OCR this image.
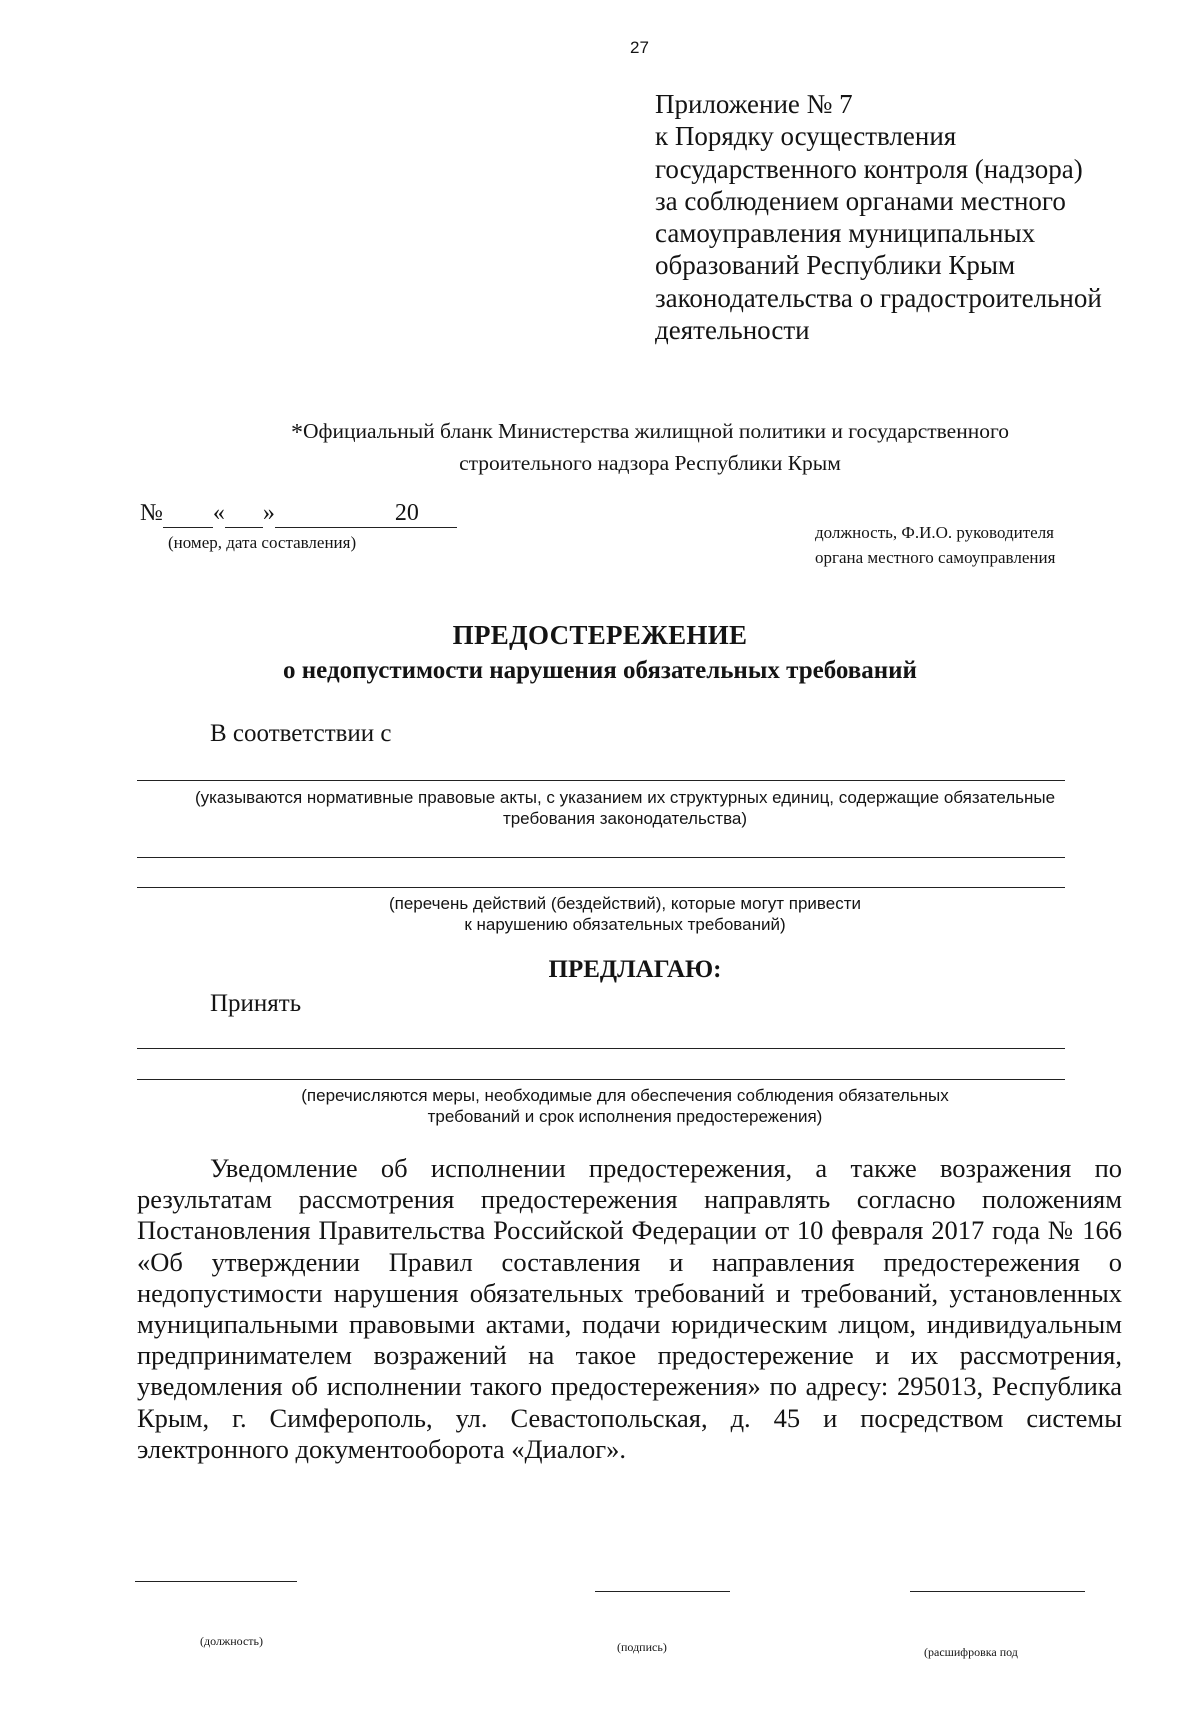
27
Приложение № 7
к Порядку осуществления
государственного контроля (надзора)
за соблюдением органами местного
самоуправления муниципальных
образований Республики Крым
законодательства о градостроительной
деятельности
*Официальный бланк Министерства жилищной политики и государственного
строительного надзора Республики Крым
№ « »	20
(номер, дата составления)
должность, Ф.И.О. руководителя
органа местного самоуправления
ПРЕДОСТЕРЕЖЕНИЕ
о недопустимости нарушения обязательных требований
В соответствии с
(указываются нормативные правовые акты, с указанием их структурных единиц, содержащие обязательные
требования законодательства)
(перечень действий (бездействий), которые могут привести
к нарушению обязательных требований)
ПРЕДЛАГАЮ:
Принять
(перечисляются меры, необходимые для обеспечения соблюдения обязательных
требований и срок исполнения предостережения)

Уведомление об исполнении предостережения, а также возражения по результатам рассмотрения предостережения направлять согласно положениям Постановления Правительства Российской Федерации от 10 февраля 2017 года № 166 «Об утверждении Правил составления и направления предостережения о недопустимости нарушения обязательных требований и требований, установленных муниципальными правовыми актами, подачи юридическим лицом, индивидуальным предпринимателем возражений на такое предостережение и их рассмотрения, уведомления об исполнении такого предостережения» по адресу: 295013, Республика Крым, г. Симферополь, ул. Севастопольская, д. 45 и посредством системы электронного документооборота «Диалог».

(должность)	(подпись)	(расшифровка под
